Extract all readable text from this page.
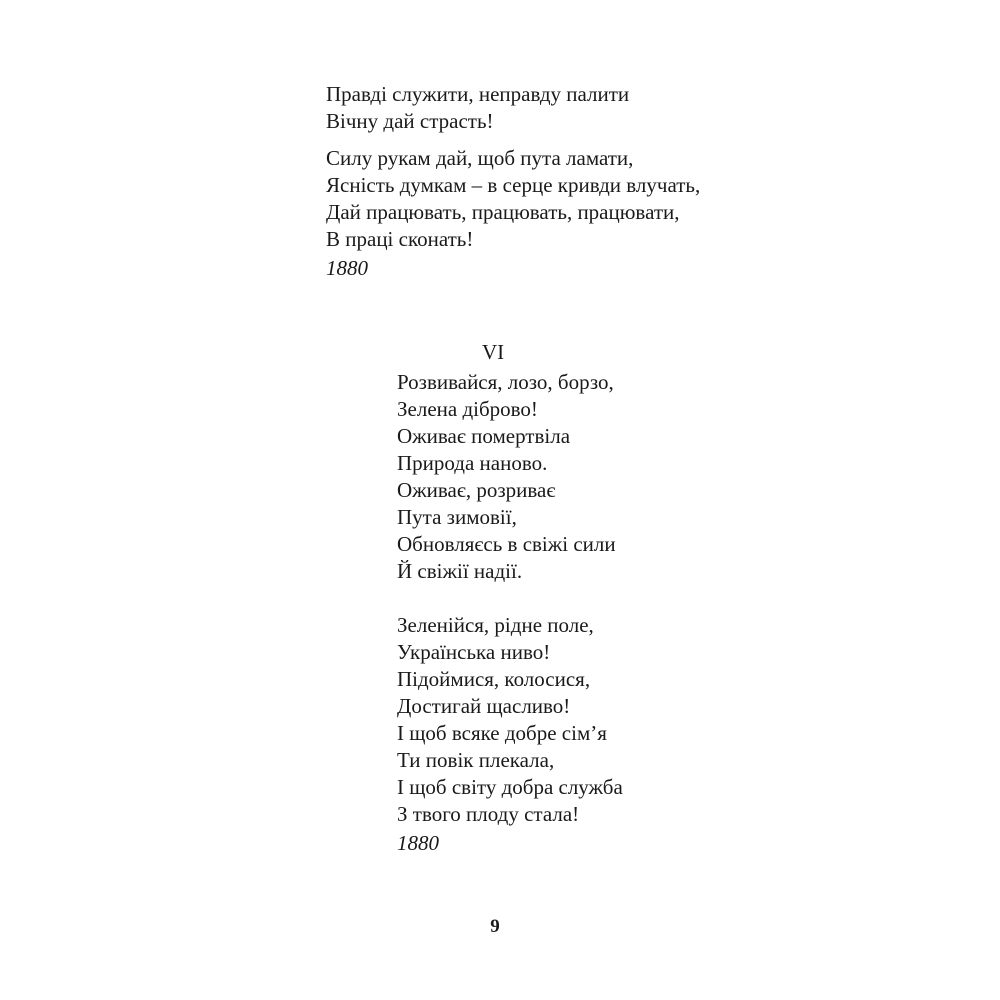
Правді служити, неправду палити
Вічну дай страсть!
Силу рукам дай, щоб пута ламати,
Ясність думкам – в серце кривди влучать,
Дай працювать, працювать, працювати,
В праці сконать!
1880
VI
Розвивайся, лозо, борзо,
Зелена діброво!
Оживає помертвіла
Природа наново.
Оживає, розриває
Пута зимовії,
Обновляєсь в свіжі сили
Й свіжії надії.
Зеленійся, рідне поле,
Українська ниво!
Підоймися, колосися,
Достигай щасливо!
І щоб всяке добре сім’я
Ти повік плекала,
І щоб світу добра служба
З твого плоду стала!
1880
9
